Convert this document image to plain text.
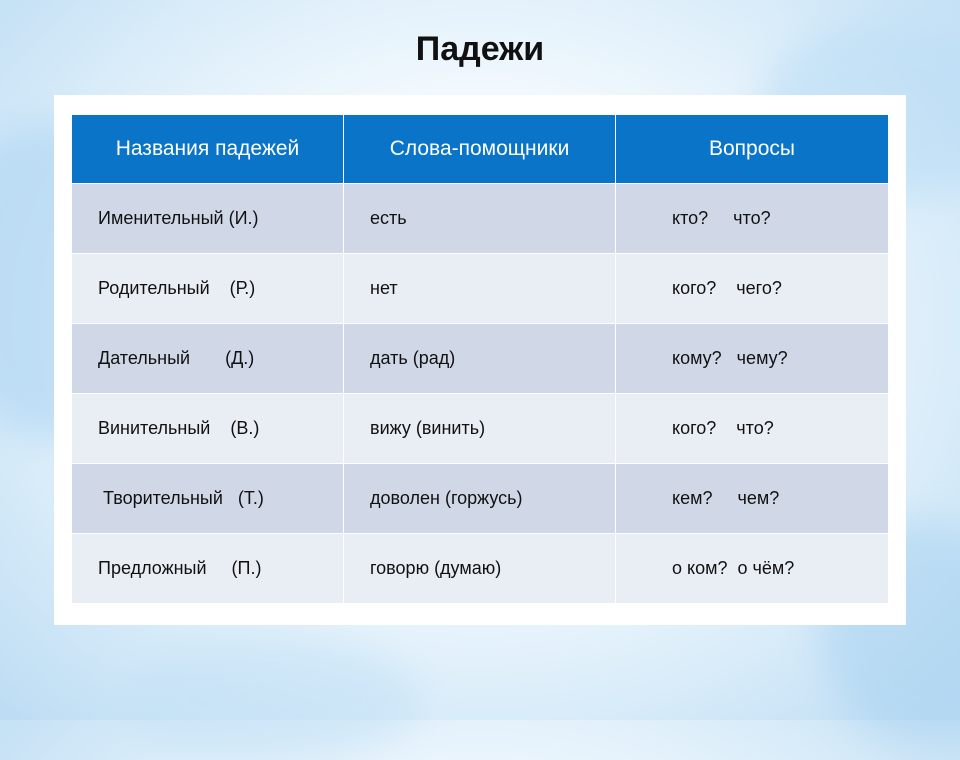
Падежи
Названия падежей	Слова-помощники	Вопросы
Именительный (И.)	есть	кто?     что?
Родительный    (Р.)	нет	кого?    чего?
Дательный       (Д.)	дать (рад)	кому?   чему?
Винительный    (В.)	вижу (винить)	кого?    что?
Творительный   (Т.)	доволен (горжусь)	кем?     чем?
Предложный     (П.)	говорю (думаю)	о ком?  о чём?
